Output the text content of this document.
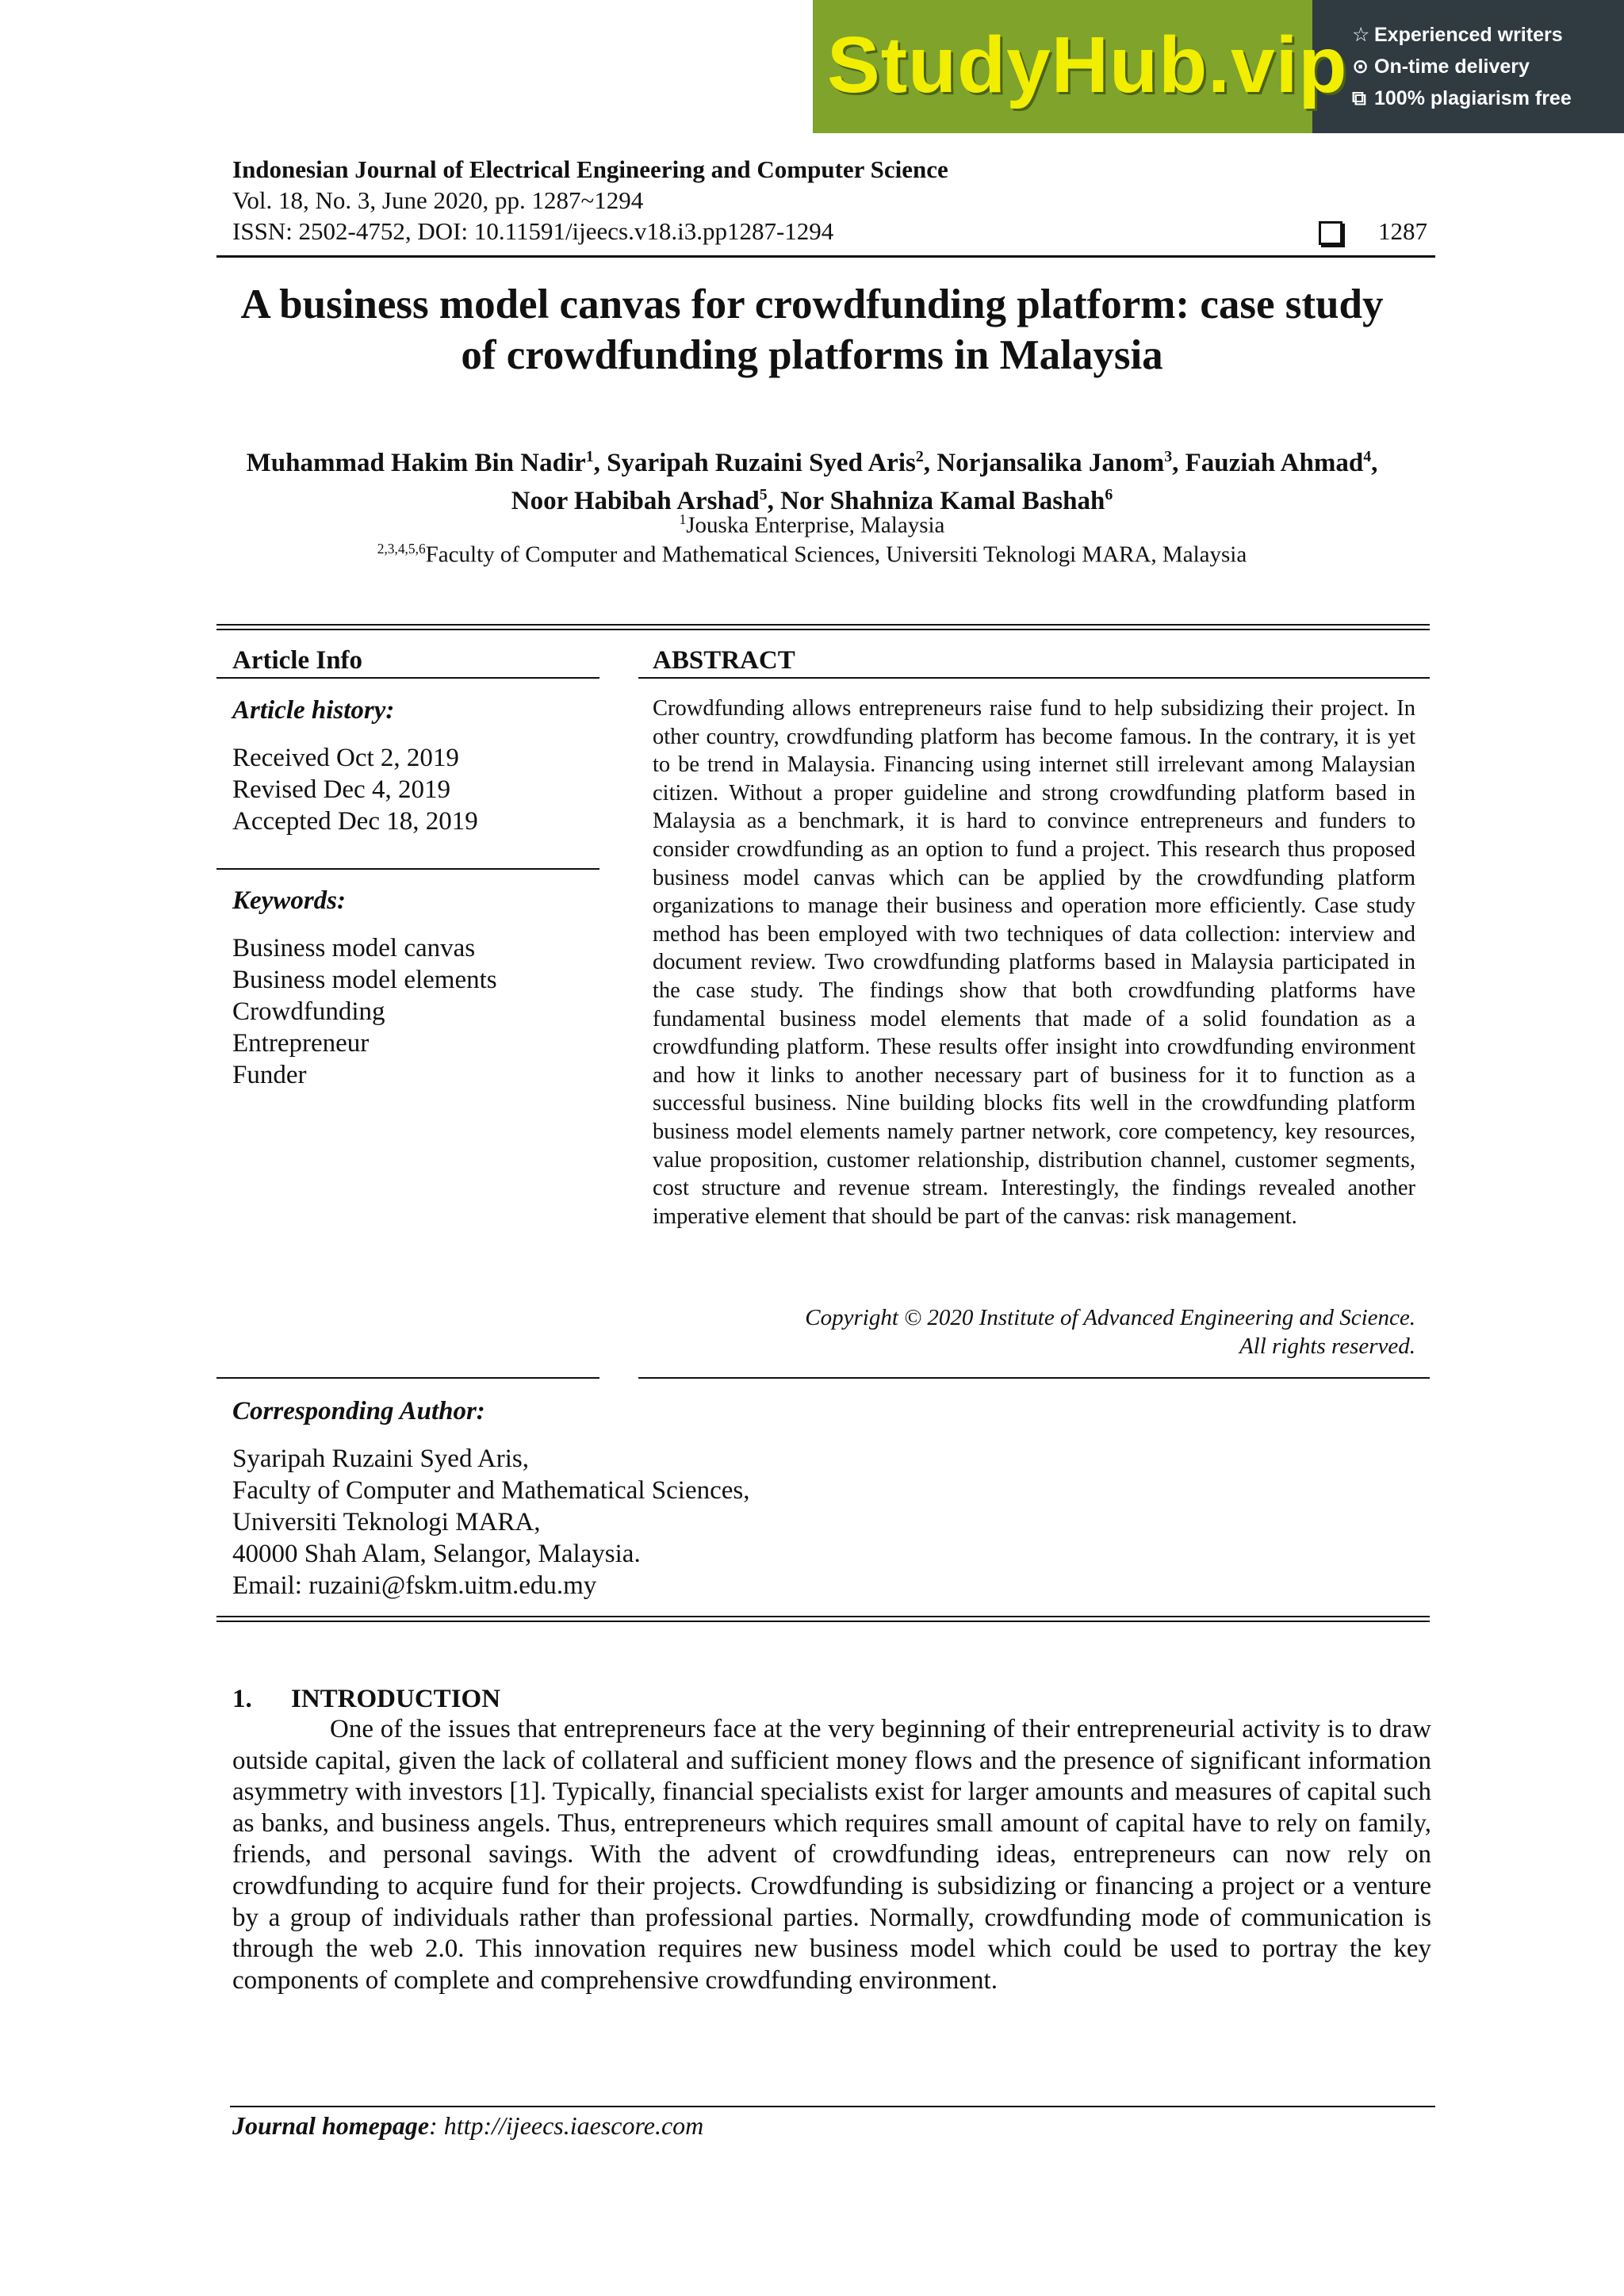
StudyHub.vip ☆ Experienced writers
⊙ On-time delivery
⧉ 100% plagiarism free
Indonesian Journal of Electrical Engineering and Computer Science
Vol. 18, No. 3, June 2020, pp. 1287~1294
ISSN: 2502-4752, DOI: 10.11591/ijeecs.v18.i3.pp1287-1294	1287
A business model canvas for crowdfunding platform: case study
of crowdfunding platforms in Malaysia
Muhammad Hakim Bin Nadir$^1$, Syaripah Ruzaini Syed Aris$^2$, Norjansalika Janom$^3$, Fauziah Ahmad$^4$,
Noor Habibah Arshad$^5$, Nor Shahniza Kamal Bashah$^6$
$^1$Jouska Enterprise, Malaysia
$^{2,3,4,5,6}$Faculty of Computer and Mathematical Sciences, Universiti Teknologi MARA, Malaysia
Article Info
Article history:
Received Oct 2, 2019
Revised Dec 4, 2019
Accepted Dec 18, 2019
Keywords:
Business model canvas
Business model elements
Crowdfunding
Entrepreneur
Funder
ABSTRACT
Crowdfunding allows entrepreneurs raise fund to help subsidizing their project. In other country, crowdfunding platform has become famous. In the contrary, it is yet to be trend in Malaysia. Financing using internet still irrelevant among Malaysian citizen. Without a proper guideline and strong crowdfunding platform based in Malaysia as a benchmark, it is hard to convince entrepreneurs and funders to consider crowdfunding as an option to fund a project. This research thus proposed business model canvas which can be applied by the crowdfunding platform organizations to manage their business and operation more efficiently. Case study method has been employed with two techniques of data collection: interview and document review. Two crowdfunding platforms based in Malaysia participated in the case study. The findings show that both crowdfunding platforms have fundamental business model elements that made of a solid foundation as a crowdfunding platform. These results offer insight into crowdfunding environment and how it links to another necessary part of business for it to function as a successful business. Nine building blocks fits well in the crowdfunding platform business model elements namely partner network, core competency, key resources, value proposition, customer relationship, distribution channel, customer segments, cost structure and revenue stream. Interestingly, the findings revealed another imperative element that should be part of the canvas: risk management.
Copyright © 2020 Institute of Advanced Engineering and Science.
All rights reserved.
Corresponding Author:
Syaripah Ruzaini Syed Aris,
Faculty of Computer and Mathematical Sciences,
Universiti Teknologi MARA,
40000 Shah Alam, Selangor, Malaysia.
Email: ruzaini@fskm.uitm.edu.my
1. INTRODUCTION
One of the issues that entrepreneurs face at the very beginning of their entrepreneurial activity is to draw outside capital, given the lack of collateral and sufficient money flows and the presence of significant information asymmetry with investors [1]. Typically, financial specialists exist for larger amounts and measures of capital such as banks, and business angels. Thus, entrepreneurs which requires small amount of capital have to rely on family, friends, and personal savings. With the advent of crowdfunding ideas, entrepreneurs can now rely on crowdfunding to acquire fund for their projects. Crowdfunding is subsidizing or financing a project or a venture by a group of individuals rather than professional parties. Normally, crowdfunding mode of communication is through the web 2.0. This innovation requires new business model which could be used to portray the key components of complete and comprehensive crowdfunding environment.
Journal homepage: http://ijeecs.iaescore.com
